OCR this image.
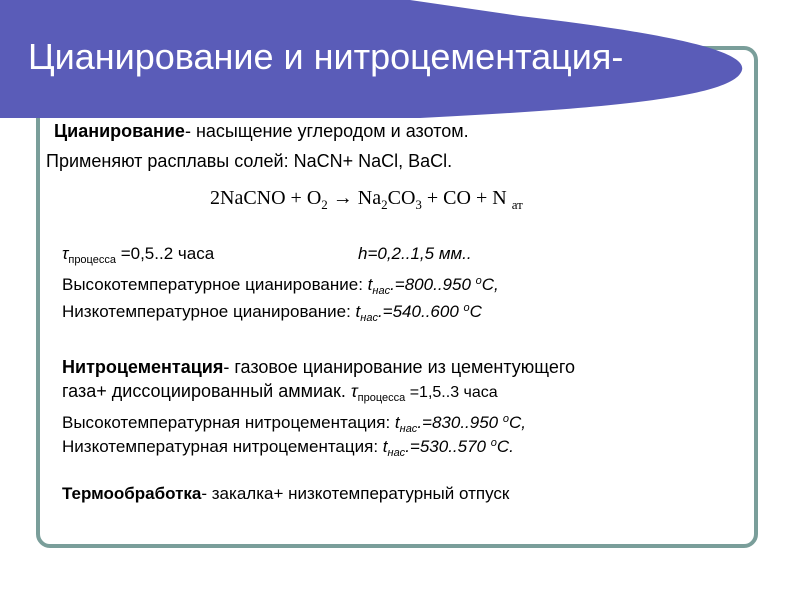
Цианирование и нитроцементация-
Цианирование- насыщение углеродом и азотом.
Применяют расплавы солей: NaCN+ NaCl, BaCl.
2NaCNO + $O_2 \to Na_2CO_3$ + CO + N $_{ат}$
$\tau_{процесса} =0,5..2$ часа	h=0,2..1,5 мм..
Высокотемпературное цианирование: $t_{нас}.=800..950$ $^о$С,
Низкотемпературное цианирование: $t_{нас}.=540..600$ $^о$С
Нитроцементация- газовое цианирование из цементующего
газа+ диссоциированный аммиак. $\tau_{процесса} =1,5..3$ часа
Высокотемпературная нитроцементация: $t_{нас}.=830..950$ $^о$С,
Низкотемпературная нитроцементация: $t_{нас}.=530..570$ $^о$С.
Термообработка- закалка+ низкотемпературный отпуск
